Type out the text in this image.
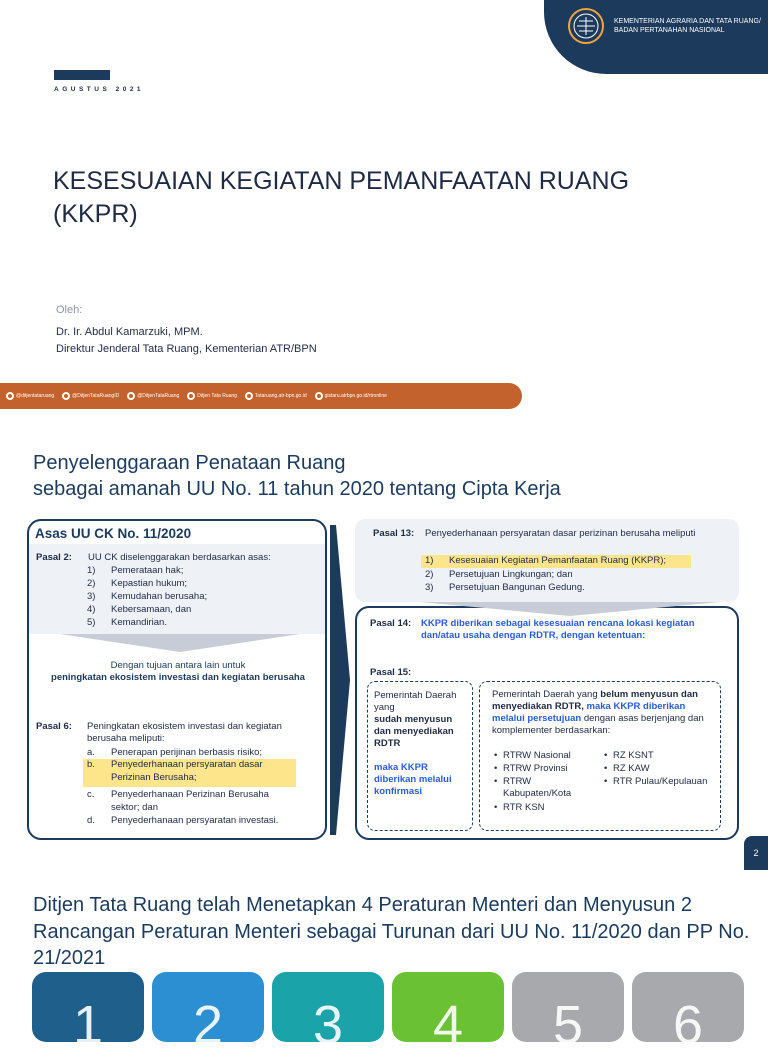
KEMENTERIAN AGRARIA DAN TATA RUANG/ BADAN PERTANAHAN NASIONAL
AGUSTUS 2021
KESESUAIAN KEGIATAN PEMANFAATAN RUANG (KKPR)
Oleh:
Dr. Ir. Abdul Kamarzuki, MPM.
Direktur Jenderal Tata Ruang, Kementerian ATR/BPN
@ditjentataruang	@DitjenTataRuangID	@DitjenTataRuang	Ditjen Tata Ruang	Tataruang.atr-bpn.go.id	gistaru.atrbpn.go.id/rtronline
Penyelenggaraan Penataan Ruang
sebagai amanah UU No. 11 tahun 2020 tentang Cipta Kerja
Asas UU CK No. 11/2020
Pasal 2: UU CK diselenggarakan berdasarkan asas:
1) Pemerataan hak;
2) Kepastian hukum;
3) Kemudahan berusaha;
4) Kebersamaan, dan
5) Kemandirian.
Dengan tujuan antara lain untuk
peningkatan ekosistem investasi dan kegiatan berusaha
Pasal 6: Peningkatan ekosistem investasi dan kegiatan berusaha meliputi:
a. Penerapan perijinan berbasis risiko;
b. Penyederhanaan persyaratan dasar
Perizinan Berusaha;
c. Penyederhanaan Perizinan Berusaha
sektor; dan
d. Penyederhanaan persyaratan investasi.
Pasal 13: Penyederhanaan persyaratan dasar perizinan berusaha meliputi
1) Kesesuaian Kegiatan Pemanfaatan Ruang (KKPR);
2) Persetujuan Lingkungan; dan
3) Persetujuan Bangunan Gedung.
Pasal 14: KKPR diberikan sebagai kesesuaian rencana lokasi kegiatan dan/atau usaha dengan RDTR, dengan ketentuan:
Pasal 15:
Pemerintah Daerah yang
sudah menyusun dan menyediakan RDTR

maka KKPR diberikan melalui konfirmasi
Pemerintah Daerah yang belum menyusun dan menyediakan RDTR, maka KKPR diberikan melalui persetujuan dengan asas berjenjang dan komplementer berdasarkan:
• RTRW Nasional
• RTRW Provinsi
• RTRW Kabupaten/Kota
• RTR KSN
• RZ KSNT
• RZ KAW
• RTR Pulau/Kepulauan
2
Ditjen Tata Ruang telah Menetapkan 4 Peraturan Menteri dan Menyusun 2 Rancangan Peraturan Menteri sebagai Turunan dari UU No. 11/2020 dan PP No. 21/2021
1	2	3	4	5	6
